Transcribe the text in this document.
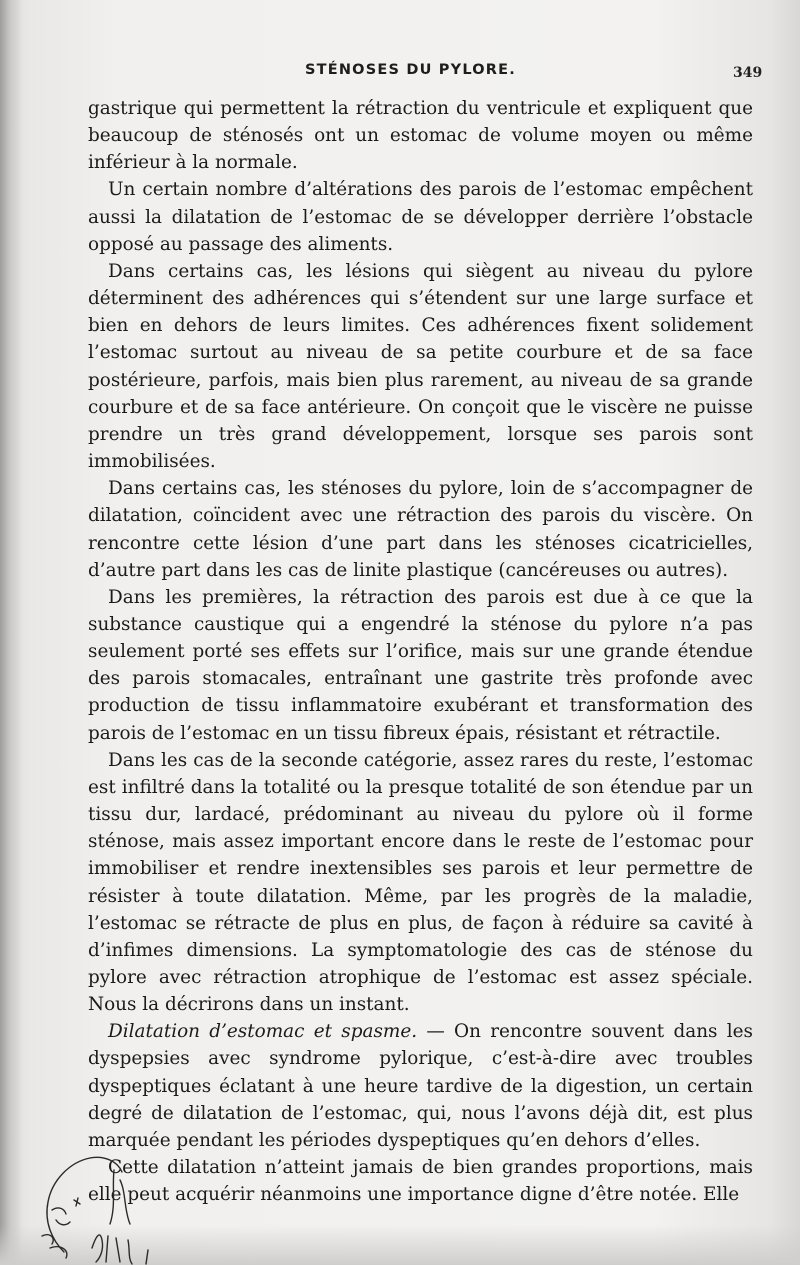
STÉNOSES DU PYLORE.	349

gastrique qui permettent la rétraction du ventricule et expliquent que beaucoup de sténosés ont un estomac de volume moyen ou même inférieur à la normale.

Un certain nombre d’altérations des parois de l’estomac empêchent aussi la dilatation de l’estomac de se développer derrière l’obstacle opposé au passage des aliments.

Dans certains cas, les lésions qui siègent au niveau du pylore déterminent des adhérences qui s’étendent sur une large surface et bien en dehors de leurs limites. Ces adhérences fixent solidement l’estomac surtout au niveau de sa petite courbure et de sa face postérieure, parfois, mais bien plus rarement, au niveau de sa grande courbure et de sa face antérieure. On conçoit que le viscère ne puisse prendre un très grand développement, lorsque ses parois sont immobilisées.

Dans certains cas, les sténoses du pylore, loin de s’accompagner de dilatation, coïncident avec une rétraction des parois du viscère. On rencontre cette lésion d’une part dans les sténoses cicatricielles, d’autre part dans les cas de linite plastique (cancéreuses ou autres).

Dans les premières, la rétraction des parois est due à ce que la substance caustique qui a engendré la sténose du pylore n’a pas seulement porté ses effets sur l’orifice, mais sur une grande étendue des parois stomacales, entraînant une gastrite très profonde avec production de tissu inflammatoire exubérant et transformation des parois de l’estomac en un tissu fibreux épais, résistant et rétractile.

Dans les cas de la seconde catégorie, assez rares du reste, l’estomac est infiltré dans la totalité ou la presque totalité de son étendue par un tissu dur, lardacé, prédominant au niveau du pylore où il forme sténose, mais assez important encore dans le reste de l’estomac pour immobiliser et rendre inextensibles ses parois et leur permettre de résister à toute dilatation. Même, par les progrès de la maladie, l’estomac se rétracte de plus en plus, de façon à réduire sa cavité à d’infimes dimensions. La symptomatologie des cas de sténose du pylore avec rétraction atrophique de l’estomac est assez spéciale. Nous la décrirons dans un instant.

Dilatation d’estomac et spasme. — On rencontre souvent dans les dyspepsies avec syndrome pylorique, c’est-à-dire avec troubles dyspeptiques éclatant à une heure tardive de la digestion, un certain degré de dilatation de l’estomac, qui, nous l’avons déjà dit, est plus marquée pendant les périodes dyspeptiques qu’en dehors d’elles.

Cette dilatation n’atteint jamais de bien grandes proportions, mais elle peut acquérir néanmoins une importance digne d’être notée. Elle
